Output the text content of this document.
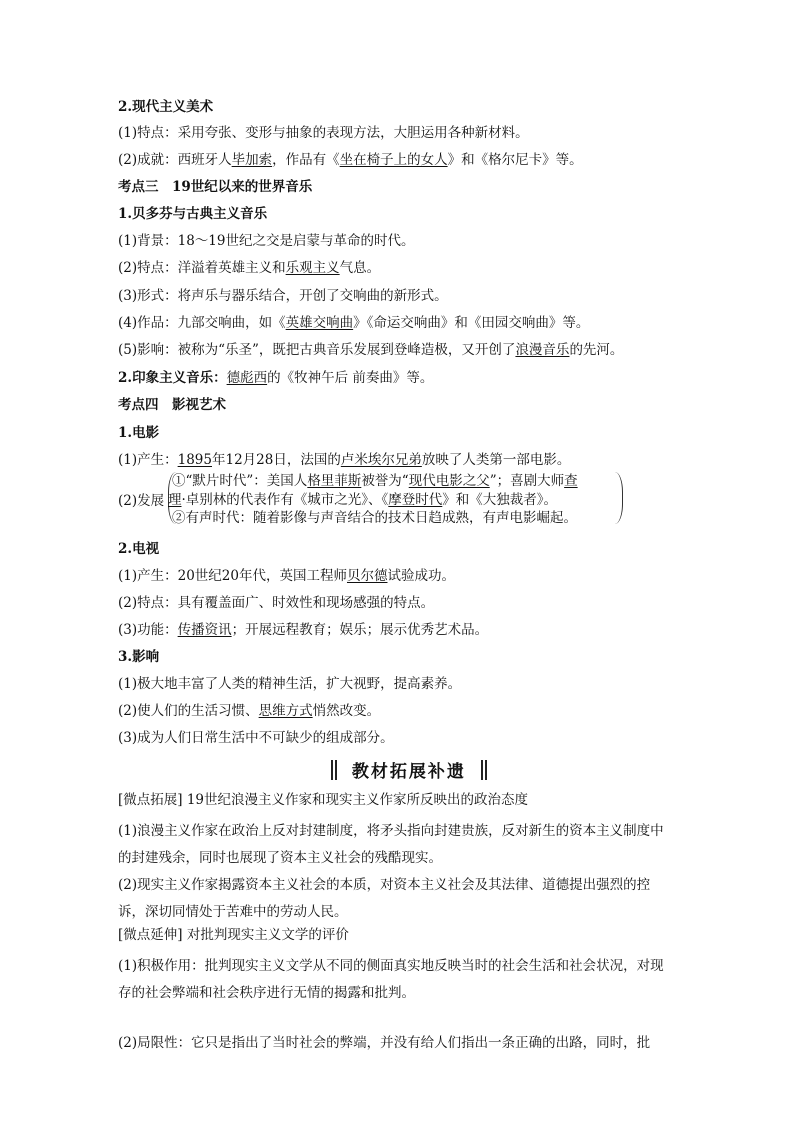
2.现代主义美术
(1)特点：采用夸张、变形与抽象的表现方法，大胆运用各种新材料。
(2)成就：西班牙人毕加索，作品有《坐在椅子上的女人》和《格尔尼卡》等。
考点三　19世纪以来的世界音乐
1.贝多芬与古典主义音乐
(1)背景：18～19世纪之交是启蒙与革命的时代。
(2)特点：洋溢着英雄主义和乐观主义气息。
(3)形式：将声乐与器乐结合，开创了交响曲的新形式。
(4)作品：九部交响曲，如《英雄交响曲》《命运交响曲》和《田园交响曲》等。
(5)影响：被称为“乐圣”，既把古典音乐发展到登峰造极，又开创了浪漫音乐的先河。
2.印象主义音乐：德彪西的《牧神午后 前奏曲》等。
考点四　影视艺术
1.电影
(1)产生：1895年12月28日，法国的卢米埃尔兄弟放映了人类第一部电影。
(2)发展
①“默片时代”：美国人格里菲斯被誉为“现代电影之父”；喜剧大师查
理·卓别林的代表作有《城市之光》、《摩登时代》和《大独裁者》。
②有声时代：随着影像与声音结合的技术日趋成熟，有声电影崛起。
2.电视
(1)产生：20世纪20年代，英国工程师贝尔德试验成功。
(2)特点：具有覆盖面广、时效性和现场感强的特点。
(3)功能：传播资讯；开展远程教育；娱乐；展示优秀艺术品。
3.影响
(1)极大地丰富了人类的精神生活，扩大视野，提高素养。
(2)使人们的生活习惯、思维方式悄然改变。
(3)成为人们日常生活中不可缺少的组成部分。
教材拓展补遗
[微点拓展] 19世纪浪漫主义作家和现实主义作家所反映出的政治态度
(1)浪漫主义作家在政治上反对封建制度，将矛头指向封建贵族，反对新生的资本主义制度中的封建残余，同时也展现了资本主义社会的残酷现实。
(2)现实主义作家揭露资本主义社会的本质，对资本主义社会及其法律、道德提出强烈的控诉，深切同情处于苦难中的劳动人民。
[微点延伸] 对批判现实主义文学的评价
(1)积极作用：批判现实主义文学从不同的侧面真实地反映当时的社会生活和社会状况，对现存的社会弊端和社会秩序进行无情的揭露和批判。
(2)局限性：它只是指出了当时社会的弊端，并没有给人们指出一条正确的出路，同时，批
